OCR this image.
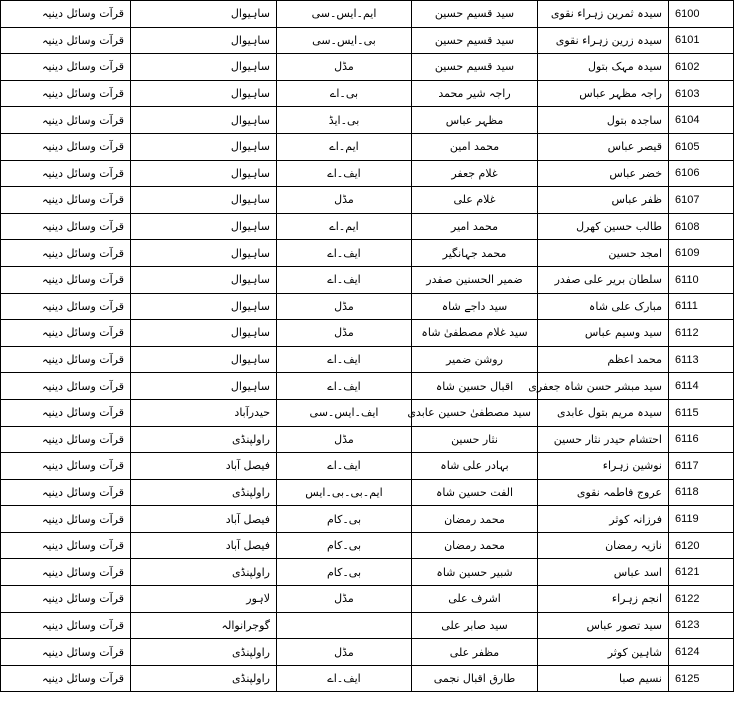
قرآت وسائل دینیہ	ساہیوال	ایم۔ایس۔سی	سید قسیم حسین	سیدہ ثمرین زہراء نقوی	6100
قرآت وسائل دینیہ	ساہیوال	بی۔ایس۔سی	سید قسیم حسین	سیدہ زرین زہراء نقوی	6101
قرآت وسائل دینیہ	ساہیوال	مڈل	سید قسیم حسین	سیدہ مہک بتول	6102
قرآت وسائل دینیہ	ساہیوال	بی۔اے	راجہ شیر محمد	راجہ مظہر عباس	6103
قرآت وسائل دینیہ	ساہیوال	بی۔ایڈ	مظہر عباس	ساجدہ بتول	6104
قرآت وسائل دینیہ	ساہیوال	ایم۔اے	محمد امین	قیصر عباس	6105
قرآت وسائل دینیہ	ساہیوال	ایف۔اے	غلام جعفر	خضر عباس	6106
قرآت وسائل دینیہ	ساہیوال	مڈل	غلام علی	ظفر عباس	6107
قرآت وسائل دینیہ	ساہیوال	ایم۔اے	محمد امیر	طالب حسین کھرل	6108
قرآت وسائل دینیہ	ساہیوال	ایف۔اے	محمد جہانگیر	امجد حسین	6109
قرآت وسائل دینیہ	ساہیوال	ایف۔اے	ضمیر الحسنین صفدر	سلطان بریر علی صفدر	6110
قرآت وسائل دینیہ	ساہیوال	مڈل	سید داجے شاہ	مبارک علی شاہ	6111
قرآت وسائل دینیہ	ساہیوال	مڈل	سید غلام مصطفیٰ شاہ	سید وسیم عباس	6112
قرآت وسائل دینیہ	ساہیوال	ایف۔اے	روشن ضمیر	محمد اعظم	6113
قرآت وسائل دینیہ	ساہیوال	ایف۔اے	اقبال حسین شاہ	سید مبشر حسن شاہ جعفری	6114
قرآت وسائل دینیہ	حیدرآباد	ایف۔ایس۔سی	سید مصطفیٰ حسین عابدی	سیدہ مریم بتول عابدی	6115
قرآت وسائل دینیہ	راولپنڈی	مڈل	نثار حسین	احتشام حیدر نثار حسین	6116
قرآت وسائل دینیہ	فیصل آباد	ایف۔اے	بہادر علی شاہ	نوشین زہراء	6117
قرآت وسائل دینیہ	راولپنڈی	ایم۔بی۔بی۔ایس	الفت حسین شاہ	عروج فاطمہ نقوی	6118
قرآت وسائل دینیہ	فیصل آباد	بی۔کام	محمد رمضان	فرزانہ کوثر	6119
قرآت وسائل دینیہ	فیصل آباد	بی۔کام	محمد رمضان	نازیہ رمضان	6120
قرآت وسائل دینیہ	راولپنڈی	بی۔کام	شبیر حسین شاہ	اسد عباس	6121
قرآت وسائل دینیہ	لاہور	مڈل	اشرف علی	انجم زہراء	6122
قرآت وسائل دینیہ	گوجرانوالہ		سید صابر علی	سید تصور عباس	6123
قرآت وسائل دینیہ	راولپنڈی	مڈل	مظفر علی	شاہین کوثر	6124
قرآت وسائل دینیہ	راولپنڈی	ایف۔اے	طارق اقبال نجمی	نسیم صبا	6125
